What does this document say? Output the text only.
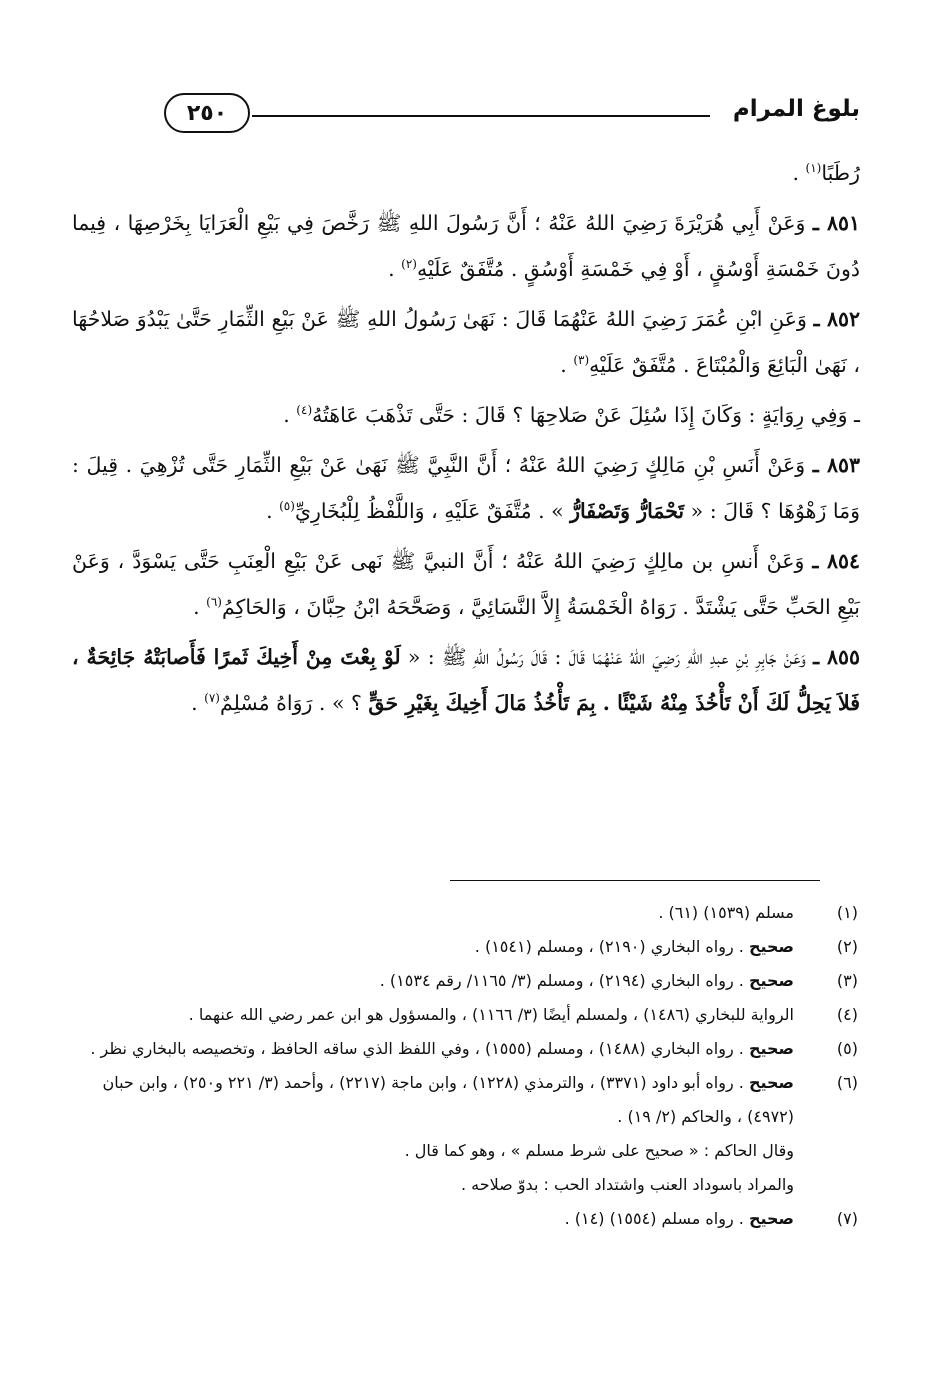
بلوغ المرام
٢٥٠

رُطَبًا$^{(١)}$ .

٨٥١ ـ وَعَنْ أَبِي هُرَيْرَةَ رَضِيَ اللهُ عَنْهُ ؛ أَنَّ رَسُولَ اللهِ ﷺ رَخَّصَ فِي بَيْعِ الْعَرَايَا بِخَرْصِهَا ، فِيما دُونَ خَمْسَةِ أَوْسُقٍ ، أَوْ فِي خَمْسَةِ أَوْسُقٍ . مُتَّفَقٌ عَلَيْهِ$^{(٢)}$ .

٨٥٢ ـ وَعَنِ ابْنِ عُمَرَ رَضِيَ اللهُ عَنْهُمَا قَالَ : نَهَىٰ رَسُولُ اللهِ ﷺ عَنْ بَيْعِ الثِّمَارِ حَتَّىٰ يَبْدُوَ صَلاحُهَا ، نَهَىٰ الْبَائِعَ وَالْمُبْتَاعَ . مُتَّفَقٌ عَلَيْهِ$^{(٣)}$ .

ـ وَفِي رِوَايَةٍ : وَكَانَ إِذَا سُئِلَ عَنْ صَلاحِهَا ؟ قَالَ : حَتَّى تَذْهَبَ عَاهَتُهُ$^{(٤)}$ .

٨٥٣ ـ وَعَنْ أَنَسِ بْنِ مَالِكٍ رَضِيَ اللهُ عَنْهُ ؛ أَنَّ النَّبِيَّ ﷺ نَهَىٰ عَنْ بَيْعِ الثِّمَارِ حَتَّى تُزْهِيَ . قِيلَ : وَمَا زَهْوُهَا ؟ قَالَ : « تَحْمَارُّ وَتَصْفَارُّ » . مُتَّفَقٌ عَلَيْهِ ، وَاللَّفْظُ لِلْبُخَارِيِّ$^{(٥)}$ .

٨٥٤ ـ وَعَنْ أَنسِ بن مالِكٍ رَضِيَ اللهُ عَنْهُ ؛ أَنَّ النبيَّ ﷺ نَهى عَنْ بَيْعِ الْعِنَبِ حَتَّى يَسْوَدَّ ، وَعَنْ بَيْعِ الحَبِّ حَتَّى يَشْتَدَّ . رَوَاهُ الْخَمْسَةُ إِلاَّ النَّسَائِيَّ ، وَصَحَّحَهُ ابْنُ حِبَّانَ ، وَالحَاكِمُ$^{(٦)}$ .

٨٥٥ ـ وَعَنْ جَابِرِ بْنِ عبدِ اللهِ رَضِيَ اللهُ عَنْهُمَا قَالَ : قَالَ رَسُولُ اللهِ ﷺ : « لَوْ بِعْتَ مِنْ أَخِيكَ ثَمرًا فَأَصابَتْهُ جَائِحَةٌ ، فَلاَ يَحِلُّ لَكَ أَنْ تَأْخُذَ مِنْهُ شَيْئًا . بِمَ تَأْخُذُ مَالَ أَخِيكَ بِغَيْرِ حَقٍّ ؟ » . رَوَاهُ مُسْلِمٌ$^{(٧)}$ .

(١)
مسلم (١٥٣٩) (٦١) .
(٢)
صحيح . رواه البخاري (٢١٩٠) ، ومسلم (١٥٤١) .
(٣)
صحيح . رواه البخاري (٢١٩٤) ، ومسلم (٣/ ١١٦٥/ رقم ١٥٣٤) .
(٤)
الرواية للبخاري (١٤٨٦) ، ولمسلم أيضًا (٣/ ١١٦٦) ، والمسؤول هو ابن عمر رضي الله عنهما .
(٥)
صحيح . رواه البخاري (١٤٨٨) ، ومسلم (١٥٥٥) ، وفي اللفظ الذي ساقه الحافظ ، وتخصيصه بالبخاري نظر .
(٦)
صحيح . رواه أبو داود (٣٣٧١) ، والترمذي (١٢٢٨) ، وابن ماجة (٢٢١٧) ، وأحمد (٣/ ٢٢١ و٢٥٠) ، وابن حبان (٤٩٧٢) ، والحاكم (٢/ ١٩) .
وقال الحاكم : « صحيح على شرط مسلم » ، وهو كما قال .
والمراد باسوداد العنب واشتداد الحب : بدوّ صلاحه .
(٧)
صحيح . رواه مسلم (١٥٥٤) (١٤) .
